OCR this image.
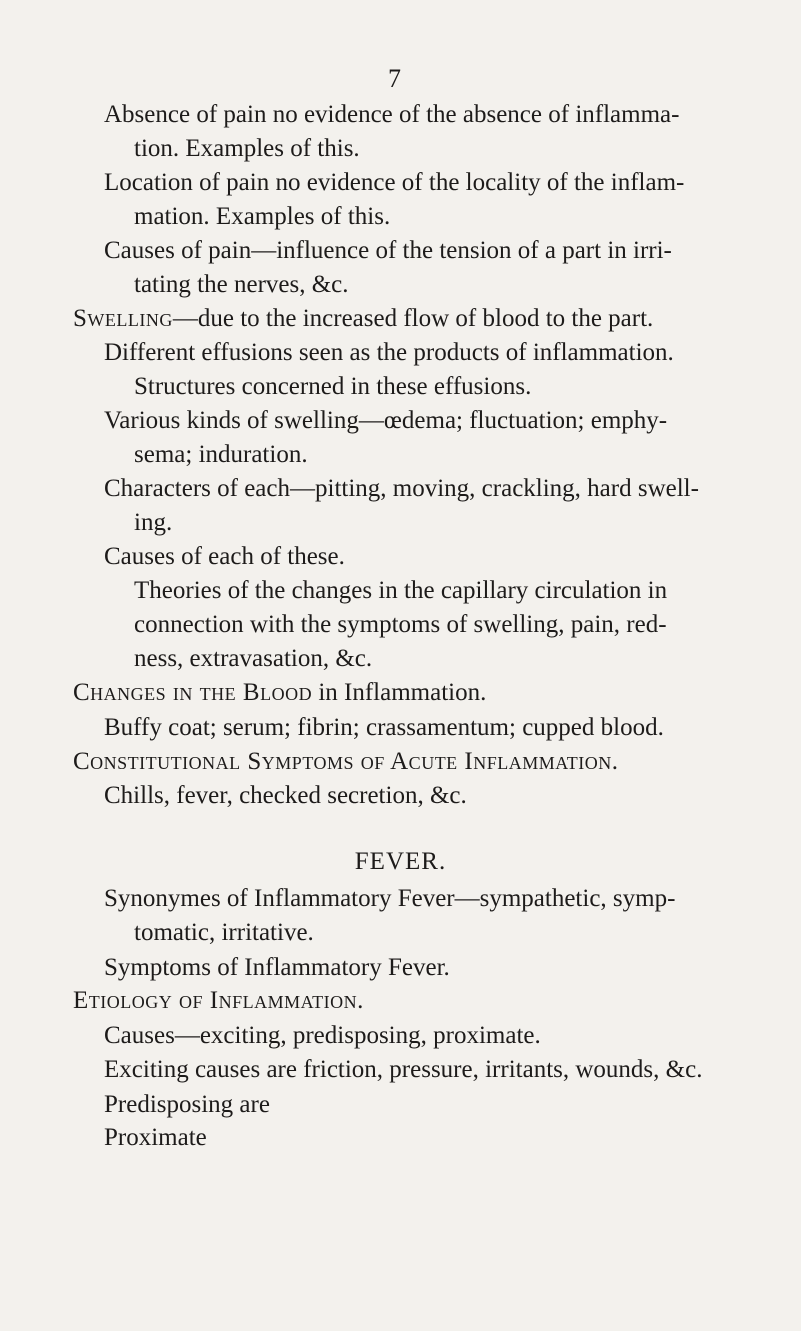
7
Absence of pain no evidence of the absence of inflamma-
tion. Examples of this.
Location of pain no evidence of the locality of the inflam-
mation. Examples of this.
Causes of pain—influence of the tension of a part in irri-
tating the nerves, &c.
Swelling—due to the increased flow of blood to the part.
Different effusions seen as the products of inflammation.
Structures concerned in these effusions.
Various kinds of swelling—œdema; fluctuation; emphy-
sema; induration.
Characters of each—pitting, moving, crackling, hard swell-
ing.
Causes of each of these.
Theories of the changes in the capillary circulation in
connection with the symptoms of swelling, pain, red-
ness, extravasation, &c.
Changes in the Blood in Inflammation.
Buffy coat; serum; fibrin; crassamentum; cupped blood.
Constitutional Symptoms of Acute Inflammation.
Chills, fever, checked secretion, &c.
FEVER.
Synonymes of Inflammatory Fever—sympathetic, symp-
tomatic, irritative.
Symptoms of Inflammatory Fever.
Etiology of Inflammation.
Causes—exciting, predisposing, proximate.
Exciting causes are friction, pressure, irritants, wounds, &c.
Predisposing are
Proximate
